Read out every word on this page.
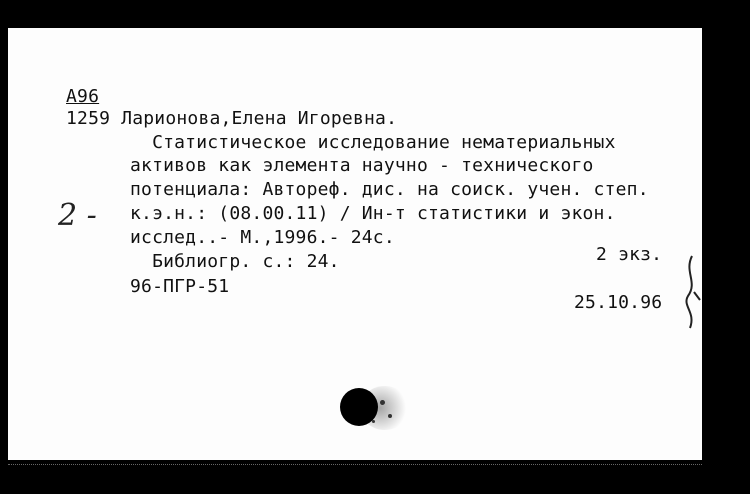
А96
1259 Ларионова,Елена Игоревна.
Статистическое исследование нематериальных
активов как элемента научно - технического
потенциала: Автореф. дис. на соиск. учен. степ.
к.э.н.: (08.00.11) / Ин-т статистики и экон.
исслед..- М.,1996.- 24с.
Библиогр. с.: 24.	2 экз.
96-ПГР-51
25.10.96
2 -
